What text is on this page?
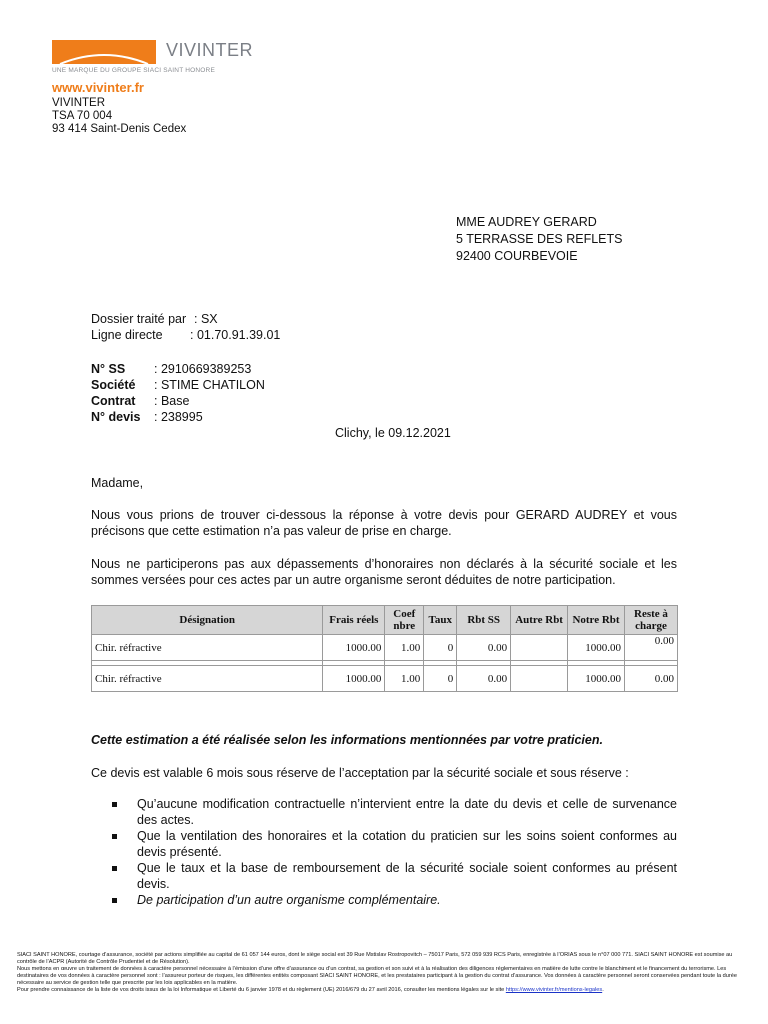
VIVINTER
UNE MARQUE DU GROUPE SIACI SAINT HONORE
www.vivinter.fr
VIVINTER
TSA 70 004
93 414 Saint-Denis Cedex
MME AUDREY GERARD
5 TERRASSE DES REFLETS
92400 COURBEVOIE
Dossier traité par : SX
Ligne directe : 01.70.91.39.01
N° SS : 2910669389253
Société : STIME CHATILON
Contrat : Base
N° devis : 238995
Clichy, le 09.12.2021
Madame,
Nous vous prions de trouver ci-dessous la réponse à votre devis pour GERARD AUDREY et vous précisons que cette estimation n’a pas valeur de prise en charge.
Nous ne participerons pas aux dépassements d’honoraires non déclarés à la sécurité sociale et les sommes versées pour ces actes par un autre organisme seront déduites de notre participation.
Désignation	Frais réels	Coef nbre	Taux	Rbt SS	Autre Rbt	Notre Rbt	Reste à charge
Chir. réfractive	1000.00	1.00	0	0.00		1000.00	0.00

Chir. réfractive	1000.00	1.00	0	0.00		1000.00	0.00
Cette estimation a été réalisée selon les informations mentionnées par votre praticien.
Ce devis est valable 6 mois sous réserve de l’acceptation par la sécurité sociale et sous réserve :
Qu’aucune modification contractuelle n’intervient entre la date du devis et celle de survenance des actes.
Que la ventilation des honoraires et la cotation du praticien sur les soins soient conformes au devis présenté.
Que le taux et la base de remboursement de la sécurité sociale soient conformes au présent devis.
De participation d’un autre organisme complémentaire.
SIACI SAINT HONORE, courtage d’assurance, société par actions simplifiée au capital de 61 057 144 euros, dont le siège social est 39 Rue Mstislav Rostropovitch – 75017 Paris, 572 059 939 RCS Paris, enregistrée à l’ORIAS sous le n°07 000 771. SIACI SAINT HONORE est soumise au contrôle de l’ACPR (Autorité de Contrôle Prudentiel et de Résolution).
Nous mettons en œuvre un traitement de données à caractère personnel nécessaire à l’émission d’une offre d’assurance ou d’un contrat, sa gestion et son suivi et à la réalisation des diligences réglementaires en matière de lutte contre le blanchiment et le financement du terrorisme. Les destinataires de vos données à caractère personnel sont : l’assureur porteur de risques, les différentes entités composant SIACI SAINT HONORE, et les prestataires participant à la gestion du contrat d’assurance. Vos données à caractère personnel seront conservées pendant toute la durée nécessaire au service de gestion telle que prescrite par les lois applicables en la matière.
Pour prendre connaissance de la liste de vos droits issus de la loi Informatique et Liberté du 6 janvier 1978 et du règlement (UE) 2016/679 du 27 avril 2016, consulter les mentions légales sur le site https://www.vivinter.fr/mentions-legales.
